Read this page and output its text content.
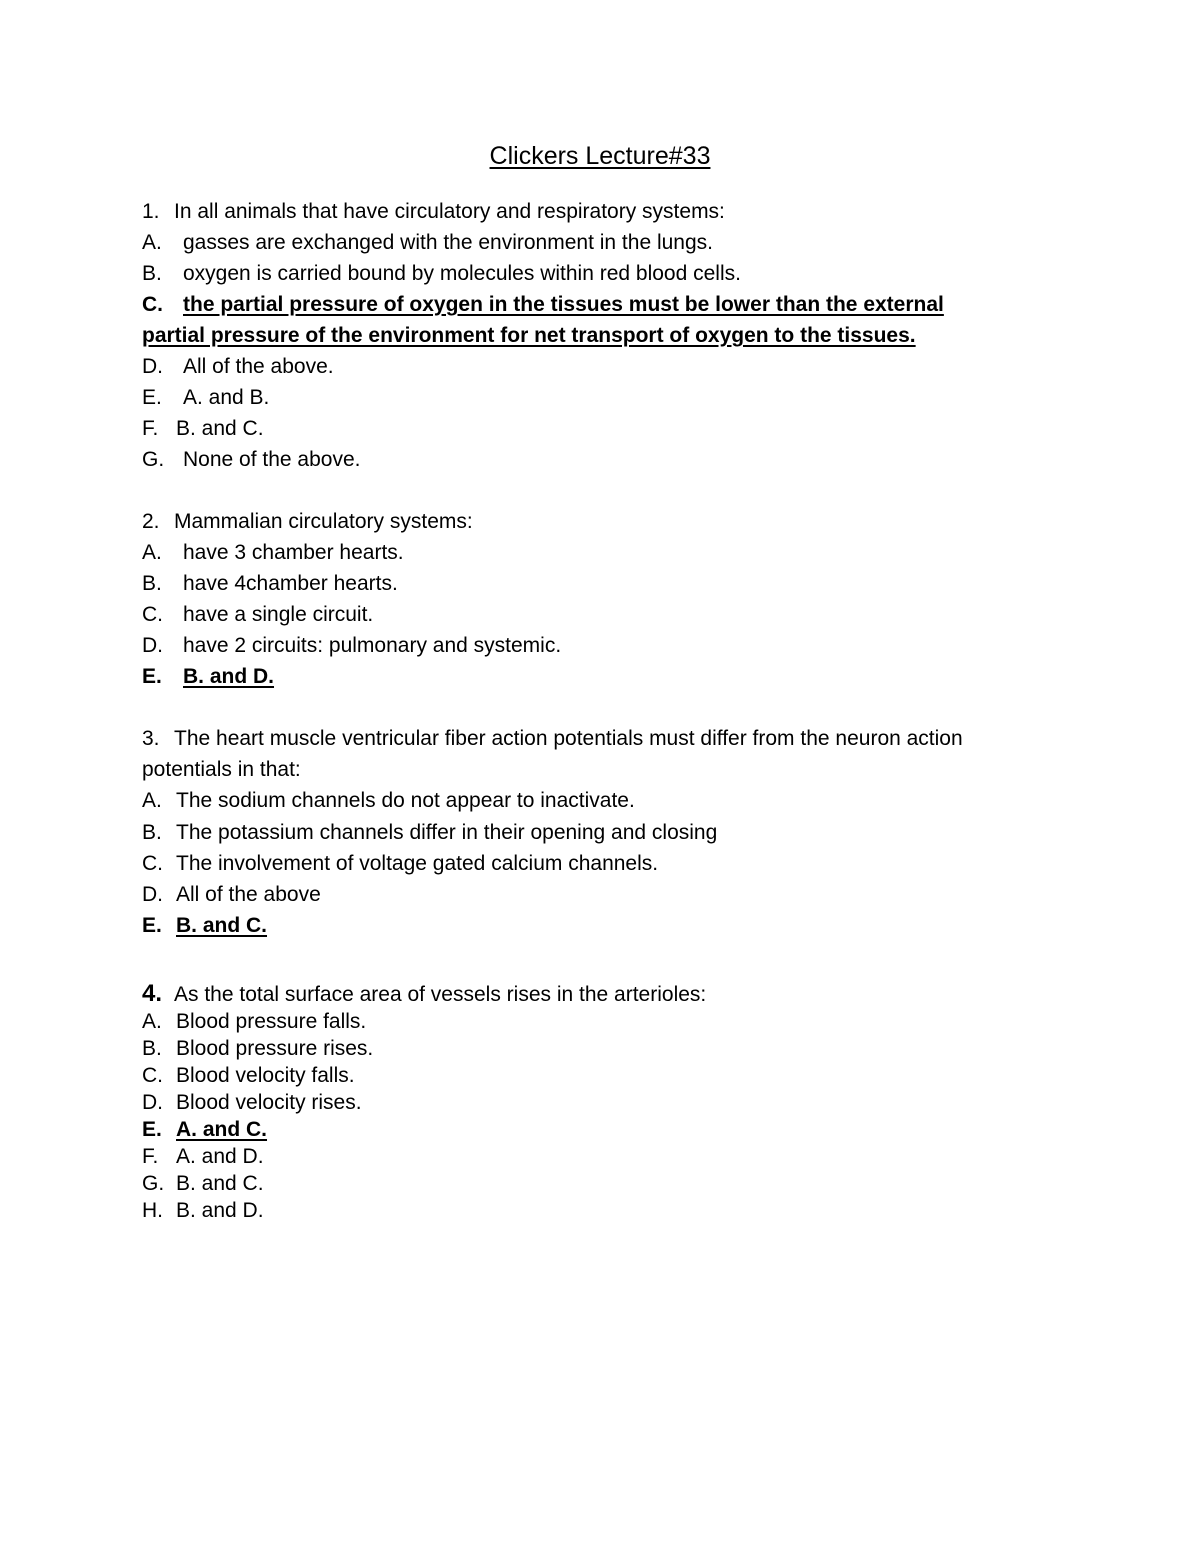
Clickers Lecture#33
1. In all animals that have circulatory and respiratory systems:
A. gasses are exchanged with the environment in the lungs.
B. oxygen is carried bound by molecules within red blood cells.
C. the partial pressure of oxygen in the tissues must be lower than the external
partial pressure of the environment for net transport of oxygen to the tissues.
D. All of the above.
E. A. and B.
F. B. and C.
G. None of the above.
2. Mammalian circulatory systems:
A. have 3 chamber hearts.
B. have 4chamber hearts.
C. have a single circuit.
D. have 2 circuits: pulmonary and systemic.
E. B. and D.
3. The heart muscle ventricular fiber action potentials must differ from the neuron action
potentials in that:
A. The sodium channels do not appear to inactivate.
B. The potassium channels differ in their opening and closing
C. The involvement of voltage gated calcium channels.
D. All of the above
E. B. and C.
4. As the total surface area of vessels rises in the arterioles:
A. Blood pressure falls.
B. Blood pressure rises.
C. Blood velocity falls.
D. Blood velocity rises.
E. A. and C.
F. A. and D.
G. B. and C.
H. B. and D.
